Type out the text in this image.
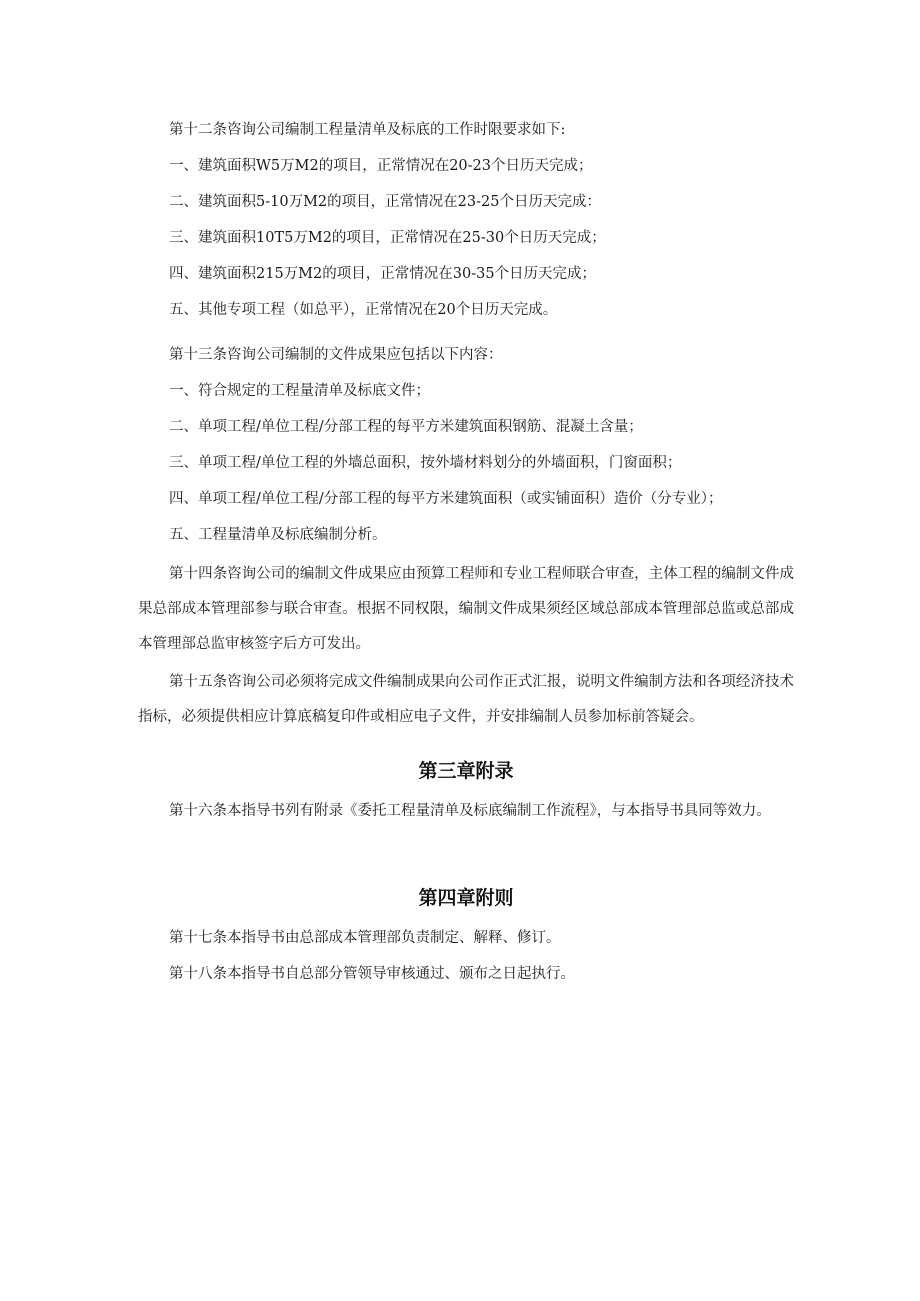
第十二条咨询公司编制工程量清单及标底的工作时限要求如下:

一、建筑面积W5万M2的项目，正常情况在20-23个日历天完成；

二、建筑面积5-10万M2的项目，正常情况在23-25个日历天完成：

三、建筑面积10T5万M2的项目，正常情况在25-30个日历天完成；

四、建筑面积215万M2的项目，正常情况在30-35个日历天完成；

五、其他专项工程（如总平），正常情况在20个日历天完成。

第十三条咨询公司编制的文件成果应包括以下内容：

一、符合规定的工程量清单及标底文件；

二、单项工程/单位工程/分部工程的每平方米建筑面积钢筋、混凝土含量；

三、单项工程/单位工程的外墙总面积，按外墙材料划分的外墙面积，门窗面积；

四、单项工程/单位工程/分部工程的每平方米建筑面积（或实铺面积）造价（分专业）；

五、工程量清单及标底编制分析。

第十四条咨询公司的编制文件成果应由预算工程师和专业工程师联合审查，主体工程的编制文件成果总部成本管理部参与联合审查。根据不同权限，编制文件成果须经区域总部成本管理部总监或总部成本管理部总监审核签字后方可发出。

第十五条咨询公司必须将完成文件编制成果向公司作正式汇报，说明文件编制方法和各项经济技术指标，必须提供相应计算底稿复印件或相应电子文件，并安排编制人员参加标前答疑会。

第三章附录

第十六条本指导书列有附录《委托工程量清单及标底编制工作流程》，与本指导书具同等效力。

第四章附则

第十七条本指导书由总部成本管理部负责制定、解释、修订。

第十八条本指导书自总部分管领导审核通过、颁布之日起执行。
